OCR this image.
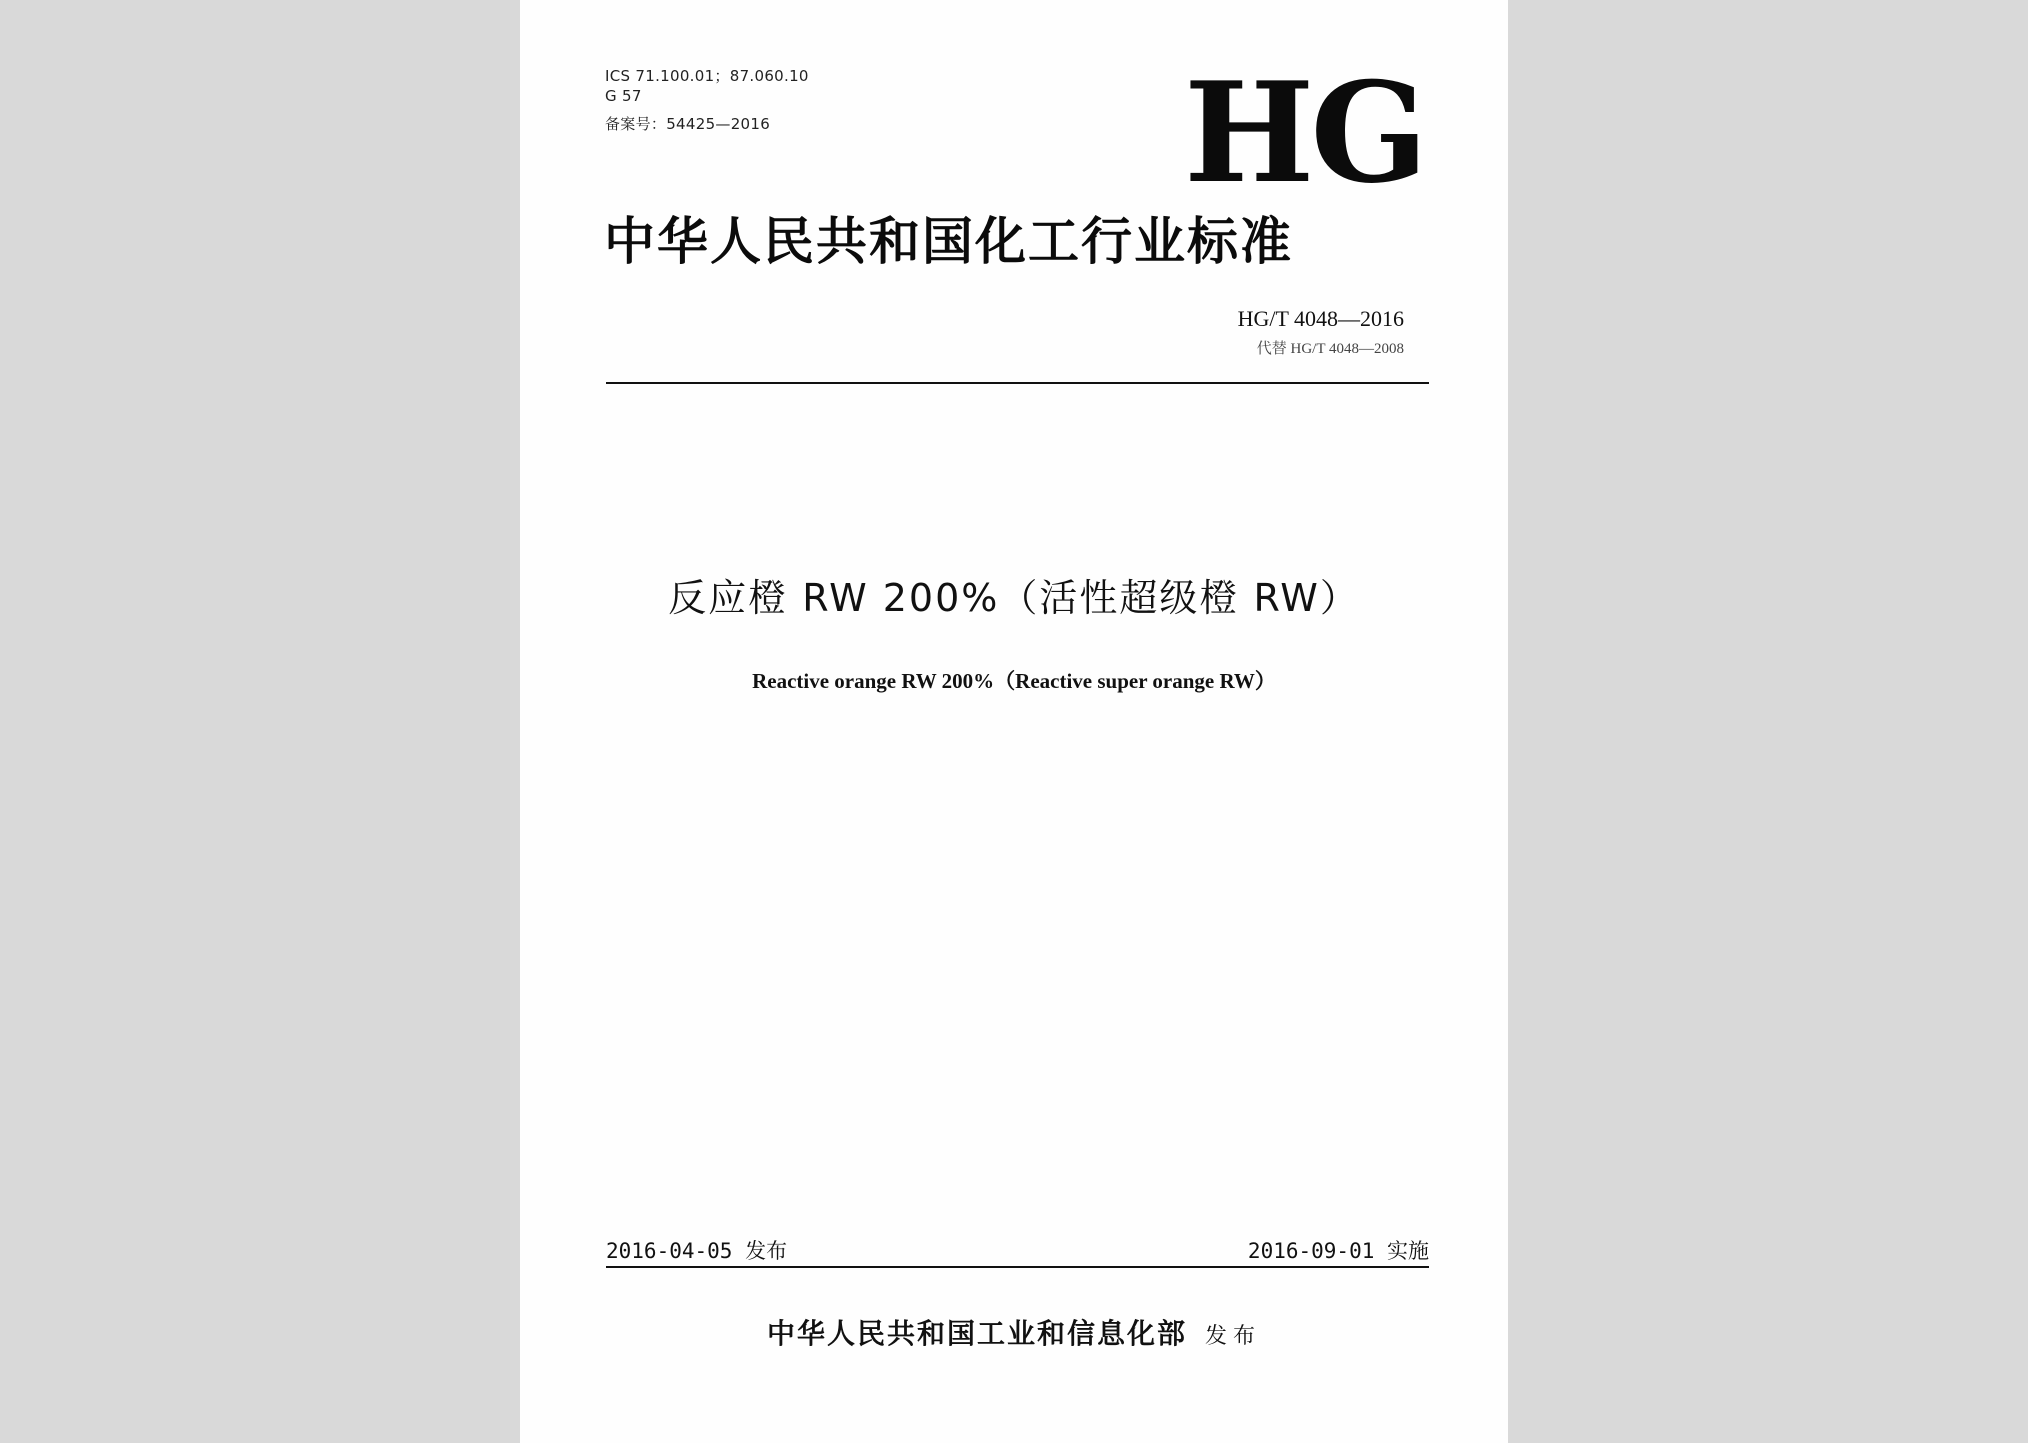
ICS 71.100.01；87.060.10
G 57
备案号：54425—2016	HG
中华人民共和国化工行业标准
HG/T 4048—2016
代替 HG/T 4048—2008
反应橙 RW 200%（活性超级橙 RW）
Reactive orange RW 200%（Reactive super orange RW）
2016-04-05 发布	2016-09-01 实施
中华人民共和国工业和信息化部 发布
